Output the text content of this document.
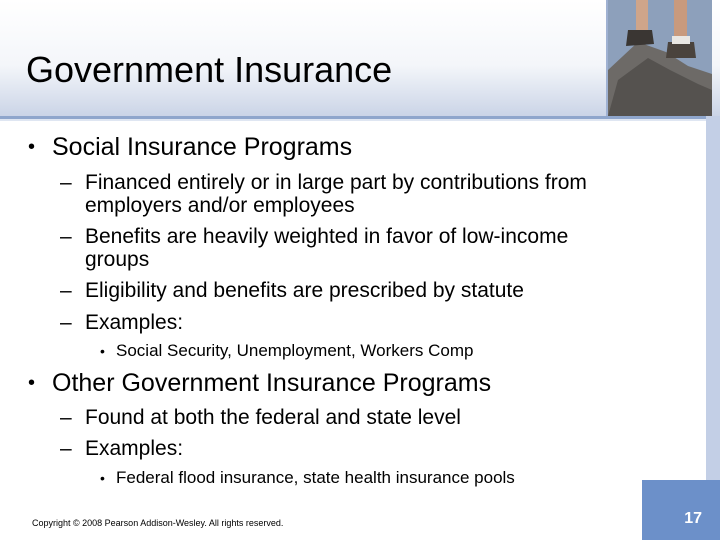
Government Insurance
• Social Insurance Programs
– Financed entirely or in large part by contributions from
employers and/or employees
– Benefits are heavily weighted in favor of low-income
groups
– Eligibility and benefits are prescribed by statute
– Examples:
• Social Security, Unemployment, Workers Comp
• Other Government Insurance Programs
– Found at both the federal and state level
– Examples:
• Federal flood insurance, state health insurance pools
Copyright © 2008 Pearson Addison-Wesley. All rights reserved.	17
